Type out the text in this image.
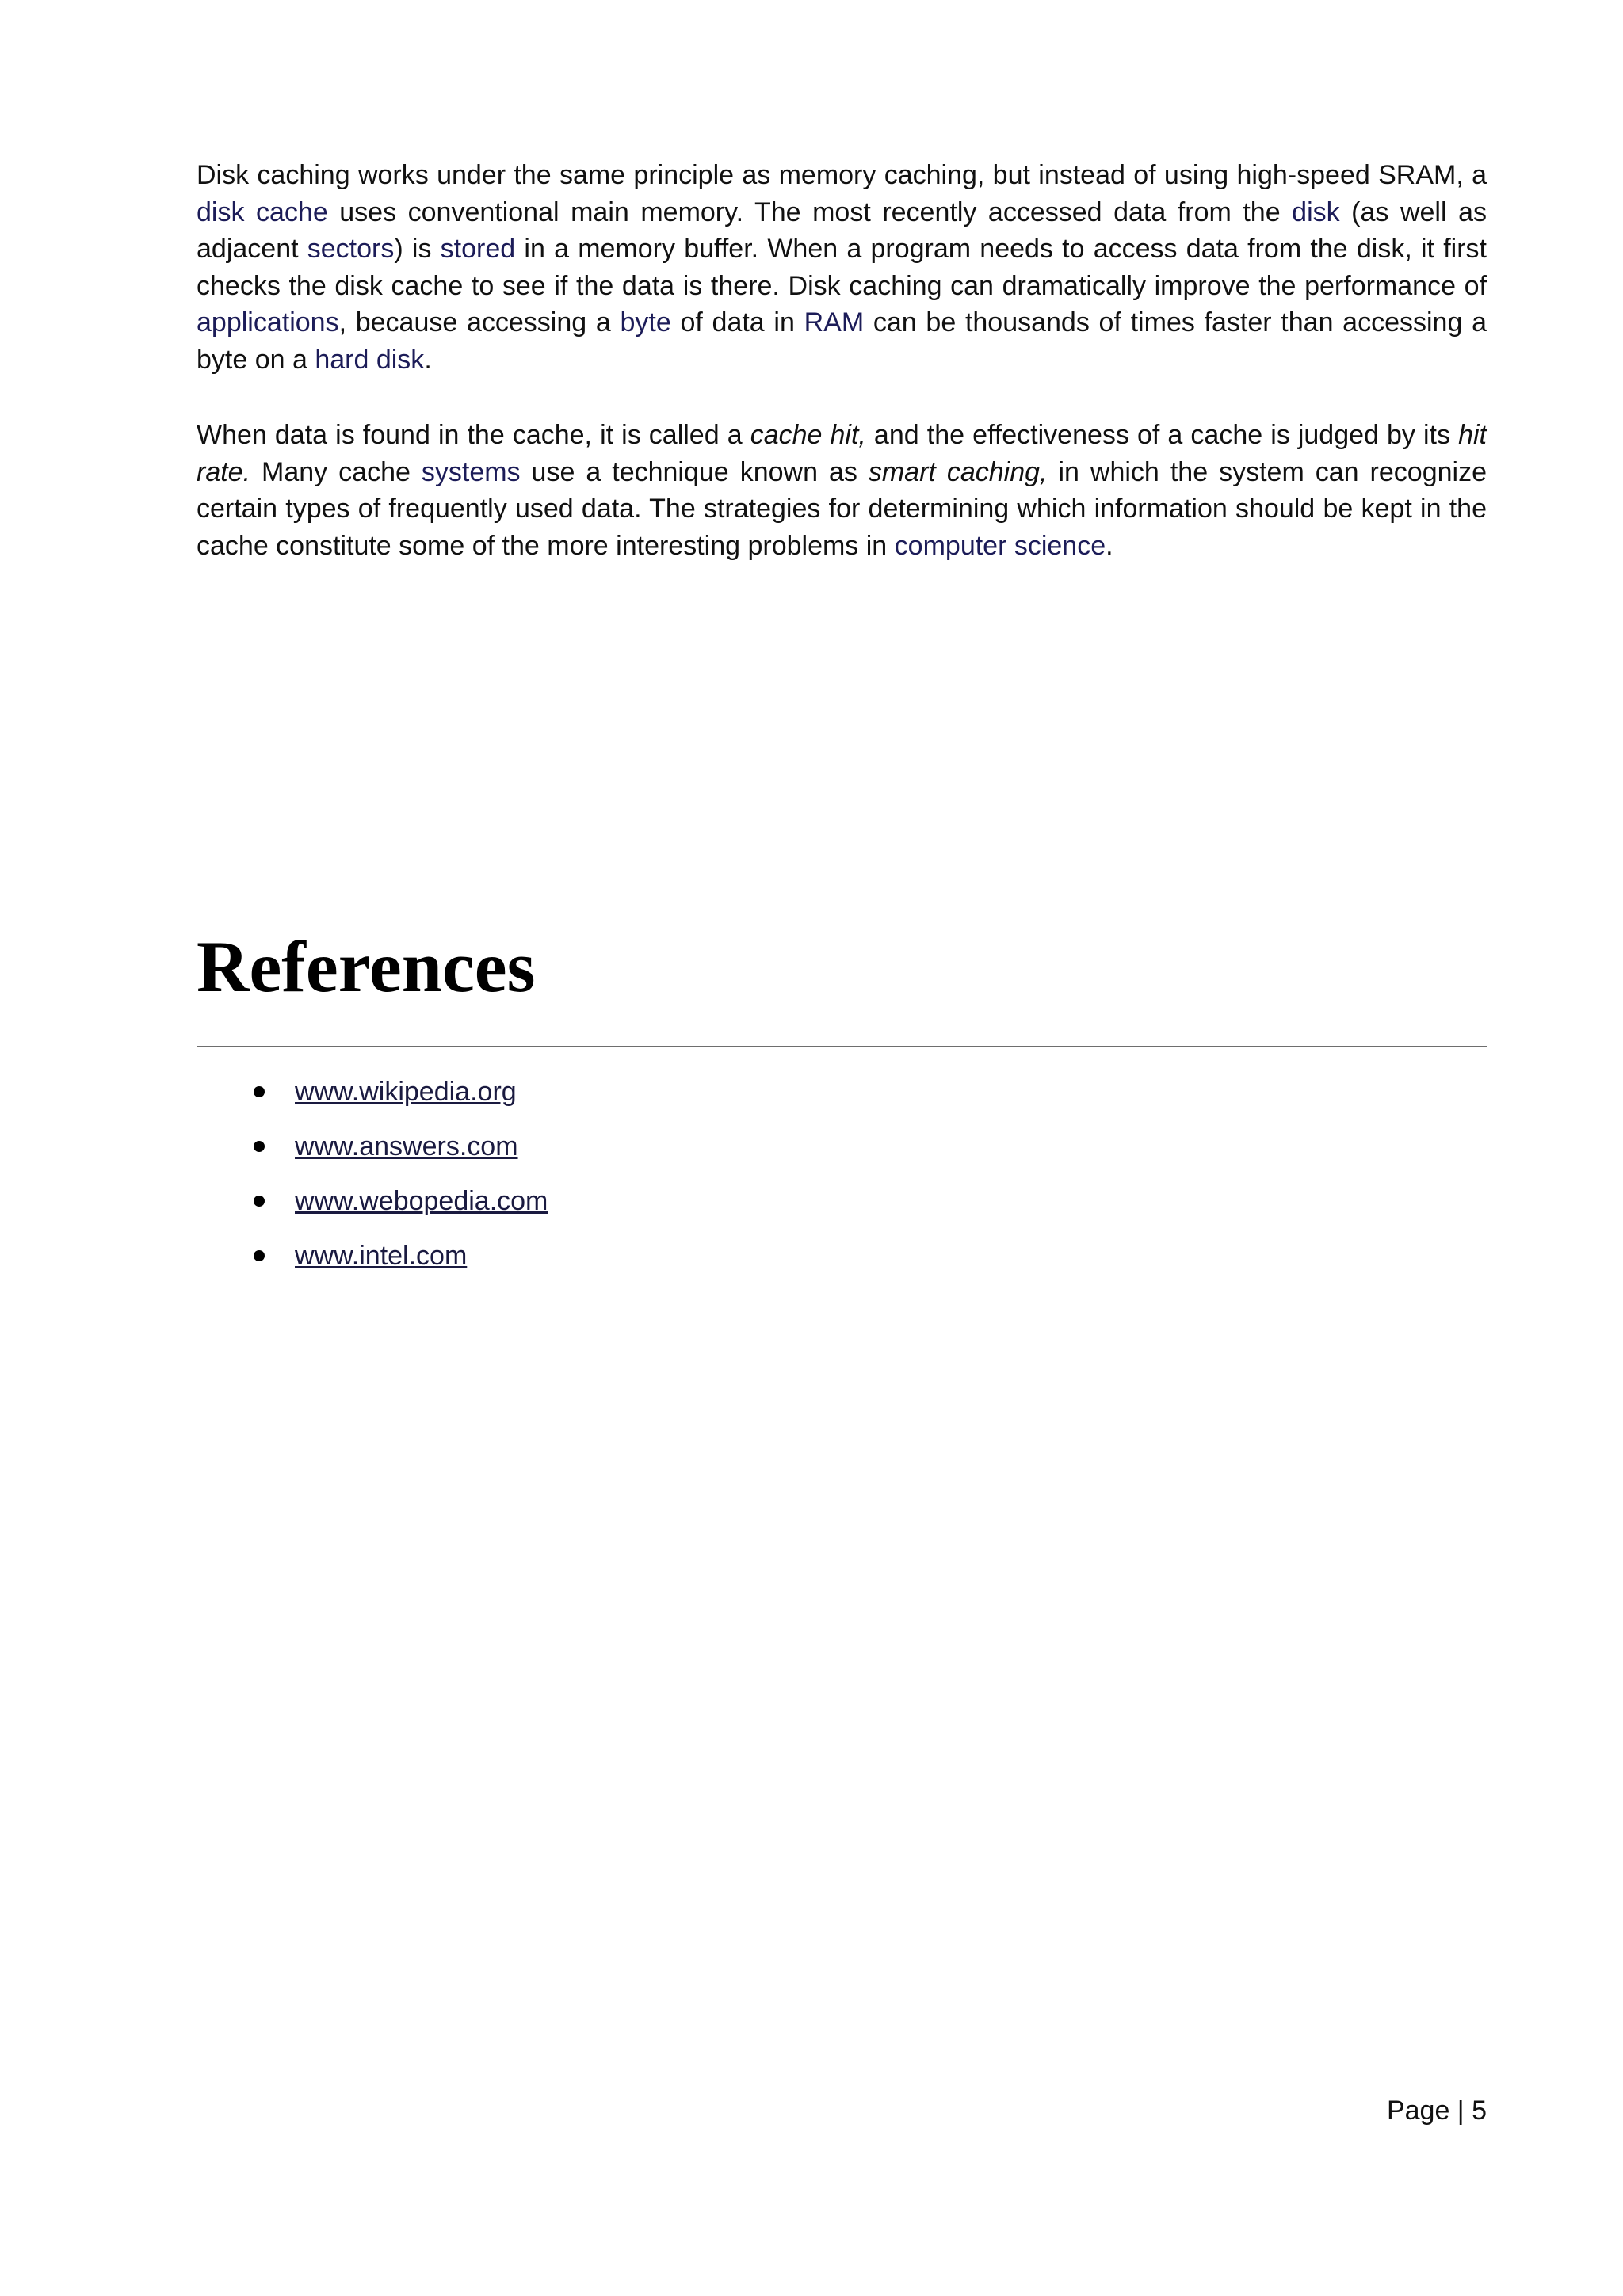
Disk caching works under the same principle as memory caching, but instead of using high-speed SRAM, a disk cache uses conventional main memory. The most recently accessed data from the disk (as well as adjacent sectors) is stored in a memory buffer. When a program needs to access data from the disk, it first checks the disk cache to see if the data is there. Disk caching can dramatically improve the performance of applications, because accessing a byte of data in RAM can be thousands of times faster than accessing a byte on a hard disk.

When data is found in the cache, it is called a cache hit, and the effectiveness of a cache is judged by its hit rate. Many cache systems use a technique known as smart caching, in which the system can recognize certain types of frequently used data. The strategies for determining which information should be kept in the cache constitute some of the more interesting problems in computer science.

References
www.wikipedia.org
www.answers.com
www.webopedia.com
www.intel.com
Page | 5
